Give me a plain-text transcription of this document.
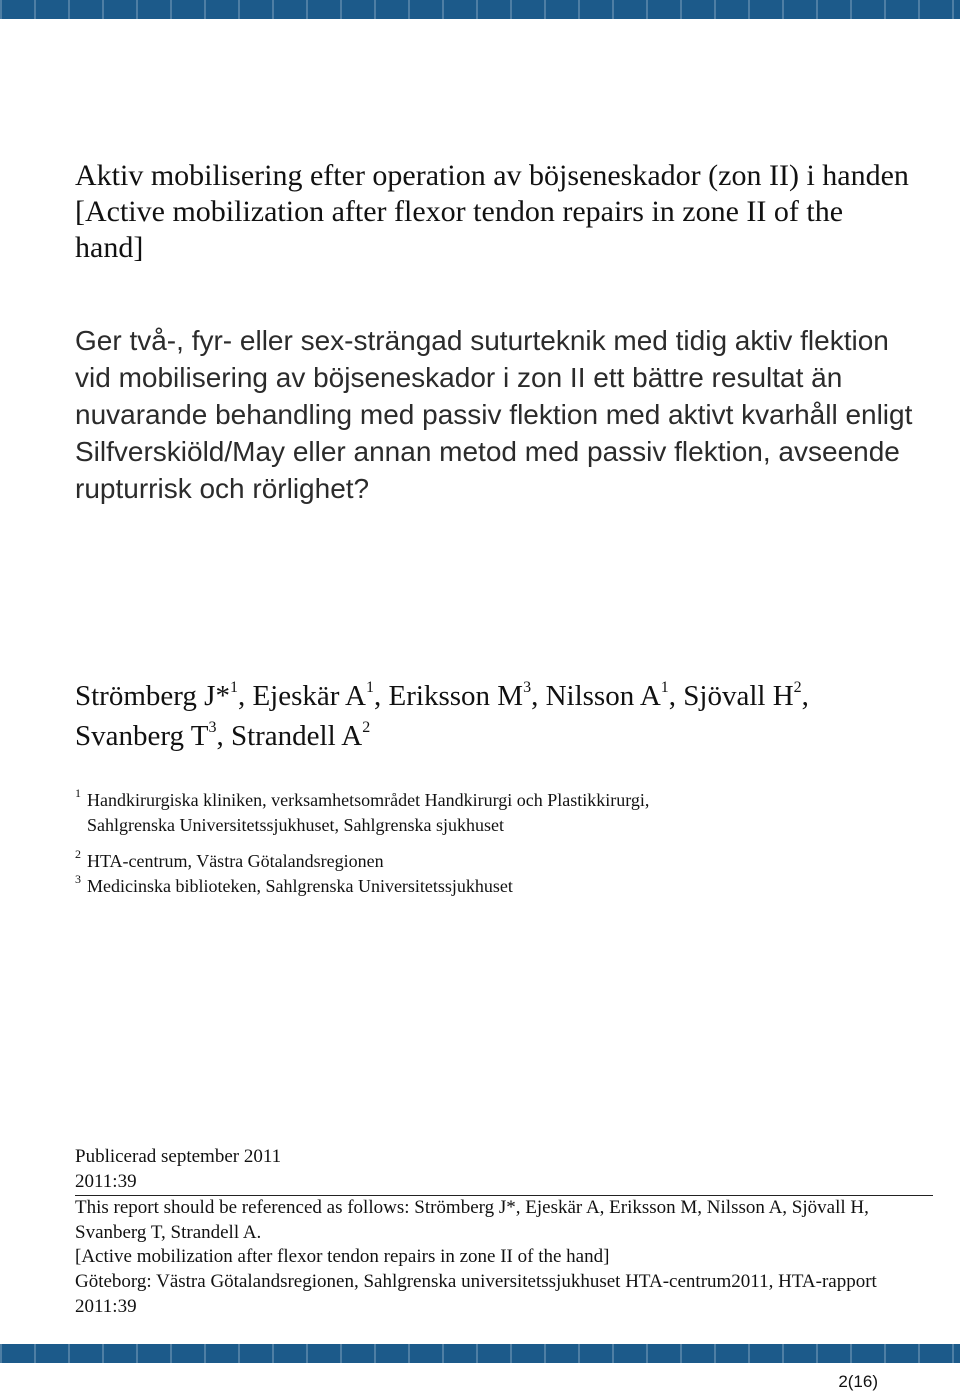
Aktiv mobilisering efter operation av böjseneskador (zon II) i handen
[Active mobilization after flexor tendon repairs in zone II of the hand]

Ger två-, fyr- eller sex-strängad suturteknik med tidig aktiv flektion vid mobilisering av böjseneskador i zon II ett bättre resultat än nuvarande behandling med passiv flektion med aktivt kvarhåll enligt Silfverskiöld/May eller annan metod med passiv flektion, avseende rupturrisk och rörlighet?

Strömberg J*$^1$, Ejeskär $A^1$, Eriksson $M^3$, Nilsson $A^1$, Sjövall $H^2$,
Svanberg $T^3$, Strandell $A^2$

1 Handkirurgiska kliniken, verksamhetsområdet Handkirurgi och Plastikkirurgi,
Sahlgrenska Universitetssjukhuset, Sahlgrenska sjukhuset
2 HTA-centrum, Västra Götalandsregionen
3 Medicinska biblioteken, Sahlgrenska Universitetssjukhuset
Publicerad september 2011
2011:39
This report should be referenced as follows: Strömberg J*, Ejeskär A, Eriksson M, Nilsson A, Sjövall H, Svanberg T, Strandell A.
[Active mobilization after flexor tendon repairs in zone II of the hand]
Göteborg: Västra Götalandsregionen, Sahlgrenska universitetssjukhuset HTA-centrum2011, HTA-rapport 2011:39
2(16)
